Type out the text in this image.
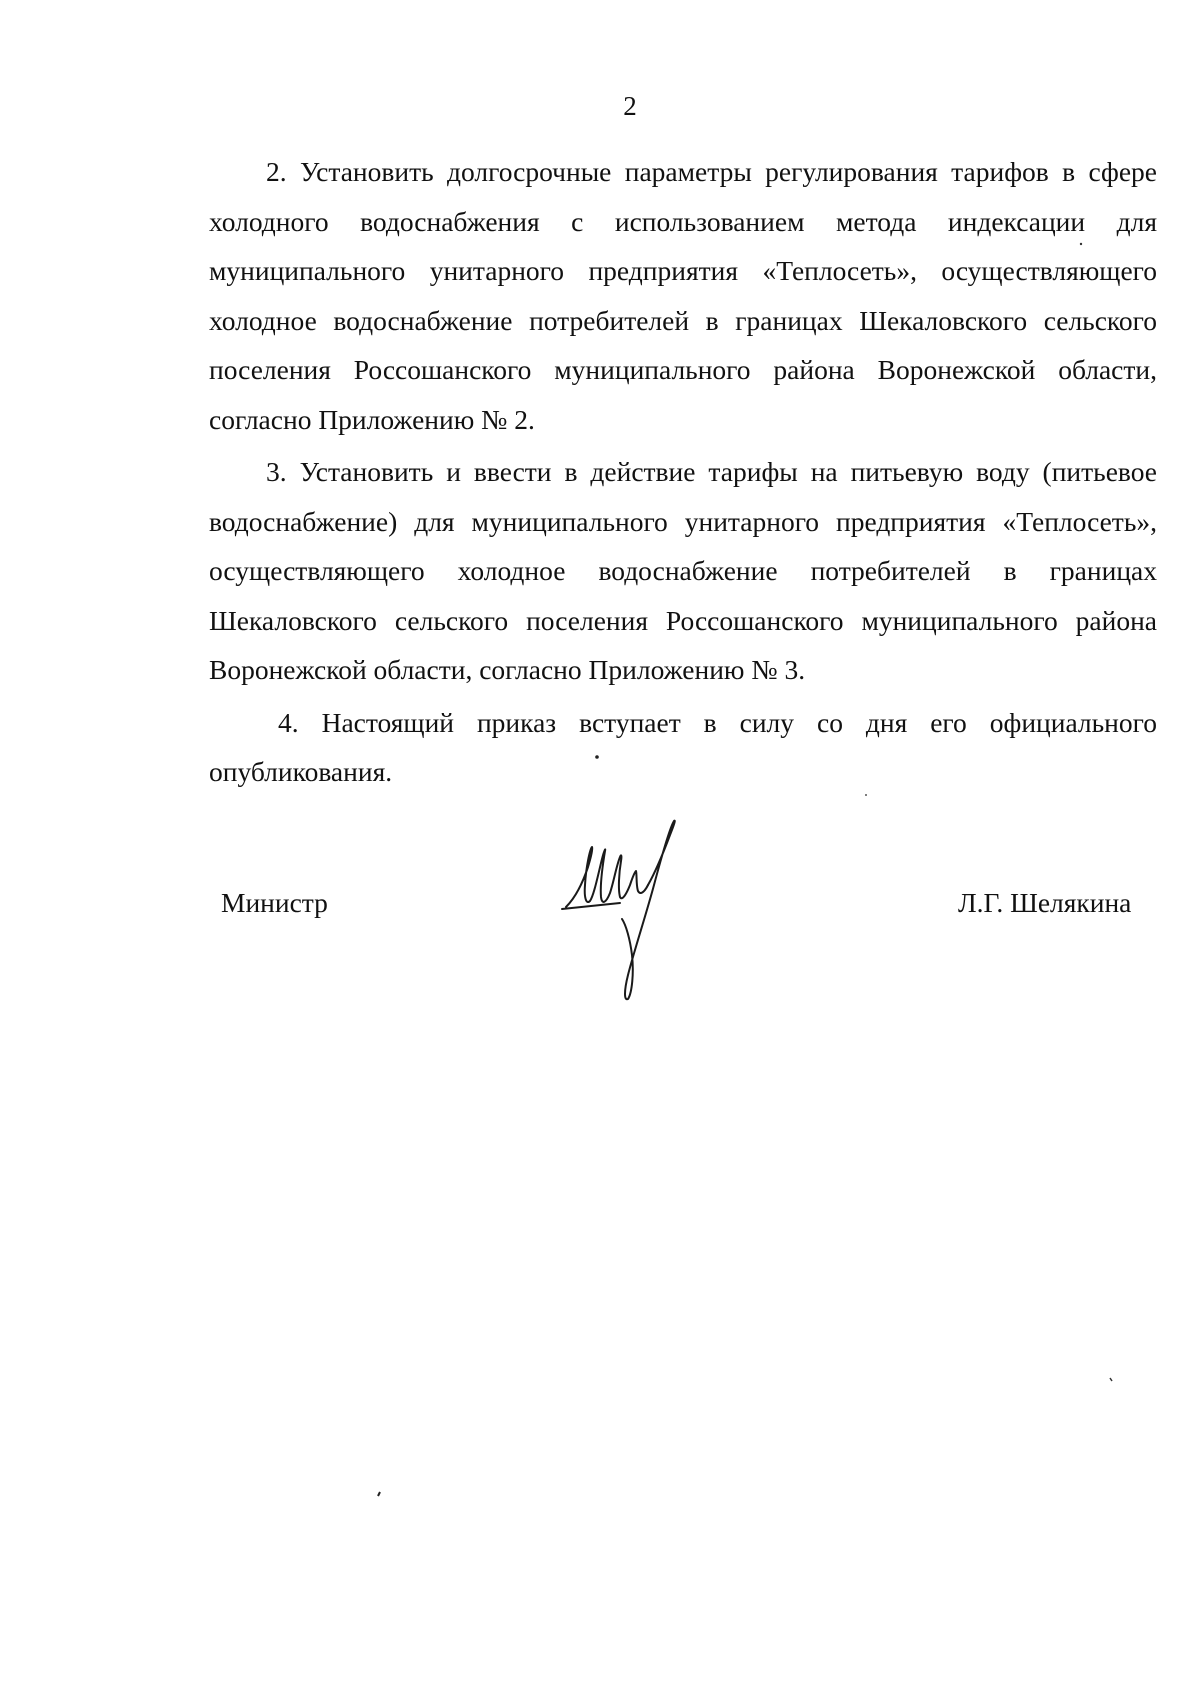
2

2. Установить долгосрочные параметры регулирования тарифов в сфере холодного водоснабжения с использованием метода индексации для муниципального унитарного предприятия «Теплосеть», осуществляющего холодное водоснабжение потребителей в границах Шекаловского сельского поселения Россошанского муниципального района Воронежской области, согласно Приложению № 2.

3. Установить и ввести в действие тарифы на питьевую воду (питьевое водоснабжение) для муниципального унитарного предприятия «Теплосеть», осуществляющего холодное водоснабжение потребителей в границах Шекаловского сельского поселения Россошанского муниципального района Воронежской области, согласно Приложению № 3.

4. Настоящий приказ вступает в силу со дня его официального опубликования.

Министр	Л.Г. Шелякина
